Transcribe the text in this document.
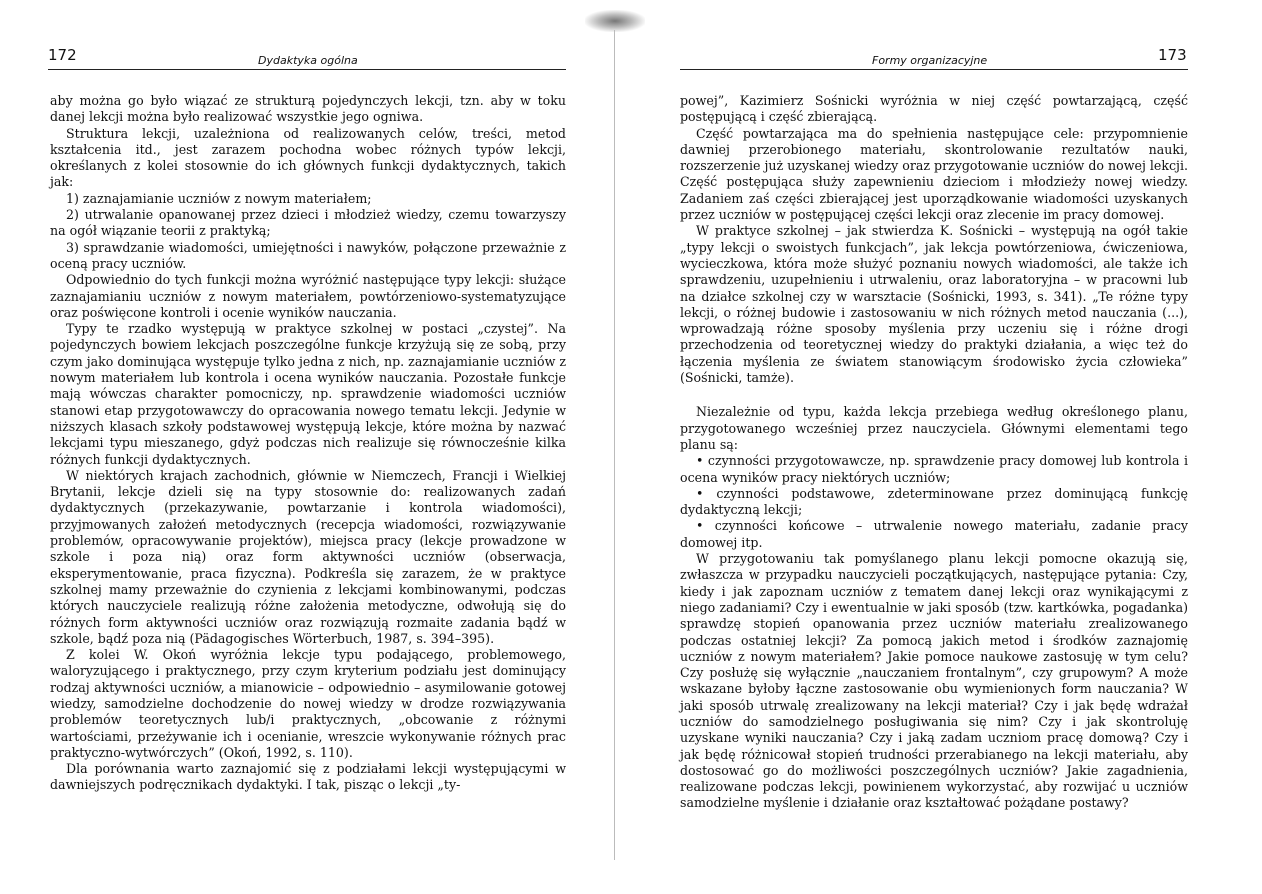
172	Dydaktyka ogólna

aby można go było wiązać ze strukturą pojedynczych lekcji, tzn. aby w toku danej lekcji można było realizować wszystkie jego ogniwa.

Struktura lekcji, uzależniona od realizowanych celów, treści, metod kształcenia itd., jest zarazem pochodna wobec różnych typów lekcji, określanych z kolei stosownie do ich głównych funkcji dydaktycznych, takich jak:

1) zaznajamianie uczniów z nowym materiałem;

2) utrwalanie opanowanej przez dzieci i młodzież wiedzy, czemu towarzyszy na ogół wiązanie teorii z praktyką;

3) sprawdzanie wiadomości, umiejętności i nawyków, połączone przeważnie z oceną pracy uczniów.

Odpowiednio do tych funkcji można wyróżnić następujące typy lekcji: służące zaznajamianiu uczniów z nowym materiałem, powtórzeniowo-systematyzujące oraz poświęcone kontroli i ocenie wyników nauczania.

Typy te rzadko występują w praktyce szkolnej w postaci „czystej”. Na pojedynczych bowiem lekcjach poszczególne funkcje krzyżują się ze sobą, przy czym jako dominująca występuje tylko jedna z nich, np. zaznajamianie uczniów z nowym materiałem lub kontrola i ocena wyników nauczania. Pozostałe funkcje mają wówczas charakter pomocniczy, np. sprawdzenie wiadomości uczniów stanowi etap przygotowawczy do opracowania nowego tematu lekcji. Jedynie w niższych klasach szkoły podstawowej występują lekcje, które można by nazwać lekcjami typu mieszanego, gdyż podczas nich realizuje się równocześnie kilka różnych funkcji dydaktycznych.

W niektórych krajach zachodnich, głównie w Niemczech, Francji i Wielkiej Brytanii, lekcje dzieli się na typy stosownie do: realizowanych zadań dydaktycznych (przekazywanie, powtarzanie i kontrola wiadomości), przyjmowanych założeń metodycznych (recepcja wiadomości, rozwiązywanie problemów, opracowywanie projektów), miejsca pracy (lekcje prowadzone w szkole i poza nią) oraz form aktywności uczniów (obserwacja, eksperymentowanie, praca fizyczna). Podkreśla się zarazem, że w praktyce szkolnej mamy przeważnie do czynienia z lekcjami kombinowanymi, podczas których nauczyciele realizują różne założenia metodyczne, odwołują się do różnych form aktywności uczniów oraz rozwiązują rozmaite zadania bądź w szkole, bądź poza nią (Pädagogisches Wörterbuch, 1987, s. 394–395).

Z kolei W. Okoń wyróżnia lekcje typu podającego, problemowego, waloryzującego i praktycznego, przy czym kryterium podziału jest dominujący rodzaj aktywności uczniów, a mianowicie – odpowiednio – asymilowanie gotowej wiedzy, samodzielne dochodzenie do nowej wiedzy w drodze rozwiązywania problemów teoretycznych lub/i praktycznych, „obcowanie z różnymi wartościami, przeżywanie ich i ocenianie, wreszcie wykonywanie różnych prac praktyczno-wytwórczych” (Okoń, 1992, s. 110).

Dla porównania warto zaznajomić się z podziałami lekcji występującymi w dawniejszych podręcznikach dydaktyki. I tak, pisząc o lekcji „ty-

Formy organizacyjne	173

powej”, Kazimierz Sośnicki wyróżnia w niej część powtarzającą, część postępującą i część zbierającą.

Część powtarzająca ma do spełnienia następujące cele: przypomnienie dawniej przerobionego materiału, skontrolowanie rezultatów nauki, rozszerzenie już uzyskanej wiedzy oraz przygotowanie uczniów do nowej lekcji. Część postępująca służy zapewnieniu dzieciom i młodzieży nowej wiedzy. Zadaniem zaś części zbierającej jest uporządkowanie wiadomości uzyskanych przez uczniów w postępującej części lekcji oraz zlecenie im pracy domowej.

W praktyce szkolnej – jak stwierdza K. Sośnicki – występują na ogół takie „typy lekcji o swoistych funkcjach”, jak lekcja powtórzeniowa, ćwiczeniowa, wycieczkowa, która może służyć poznaniu nowych wiadomości, ale także ich sprawdzeniu, uzupełnieniu i utrwaleniu, oraz laboratoryjna – w pracowni lub na działce szkolnej czy w warsztacie (Sośnicki, 1993, s. 341). „Te różne typy lekcji, o różnej budowie i zastosowaniu w nich różnych metod nauczania (...), wprowadzają różne sposoby myślenia przy uczeniu się i różne drogi przechodzenia od teoretycznej wiedzy do praktyki działania, a więc też do łączenia myślenia ze światem stanowiącym środowisko życia człowieka” (Sośnicki, tamże).

Niezależnie od typu, każda lekcja przebiega według określonego planu, przygotowanego wcześniej przez nauczyciela. Głównymi elementami tego planu są:

• czynności przygotowawcze, np. sprawdzenie pracy domowej lub kontrola i ocena wyników pracy niektórych uczniów;

• czynności podstawowe, zdeterminowane przez dominującą funkcję dydaktyczną lekcji;

• czynności końcowe – utrwalenie nowego materiału, zadanie pracy domowej itp.

W przygotowaniu tak pomyślanego planu lekcji pomocne okazują się, zwłaszcza w przypadku nauczycieli początkujących, następujące pytania: Czy, kiedy i jak zapoznam uczniów z tematem danej lekcji oraz wynikającymi z niego zadaniami? Czy i ewentualnie w jaki sposób (tzw. kartkówka, pogadanka) sprawdzę stopień opanowania przez uczniów materiału zrealizowanego podczas ostatniej lekcji? Za pomocą jakich metod i środków zaznajomię uczniów z nowym materiałem? Jakie pomoce naukowe zastosuję w tym celu? Czy posłużę się wyłącznie „nauczaniem frontalnym”, czy grupowym? A może wskazane byłoby łączne zastosowanie obu wymienionych form nauczania? W jaki sposób utrwalę zrealizowany na lekcji materiał? Czy i jak będę wdrażał uczniów do samodzielnego posługiwania się nim? Czy i jak skontroluję uzyskane wyniki nauczania? Czy i jaką zadam uczniom pracę domową? Czy i jak będę różnicował stopień trudności przerabianego na lekcji materiału, aby dostosować go do możliwości poszczególnych uczniów? Jakie zagadnienia, realizowane podczas lekcji, powinienem wykorzystać, aby rozwijać u uczniów samodzielne myślenie i działanie oraz kształtować pożądane postawy?
